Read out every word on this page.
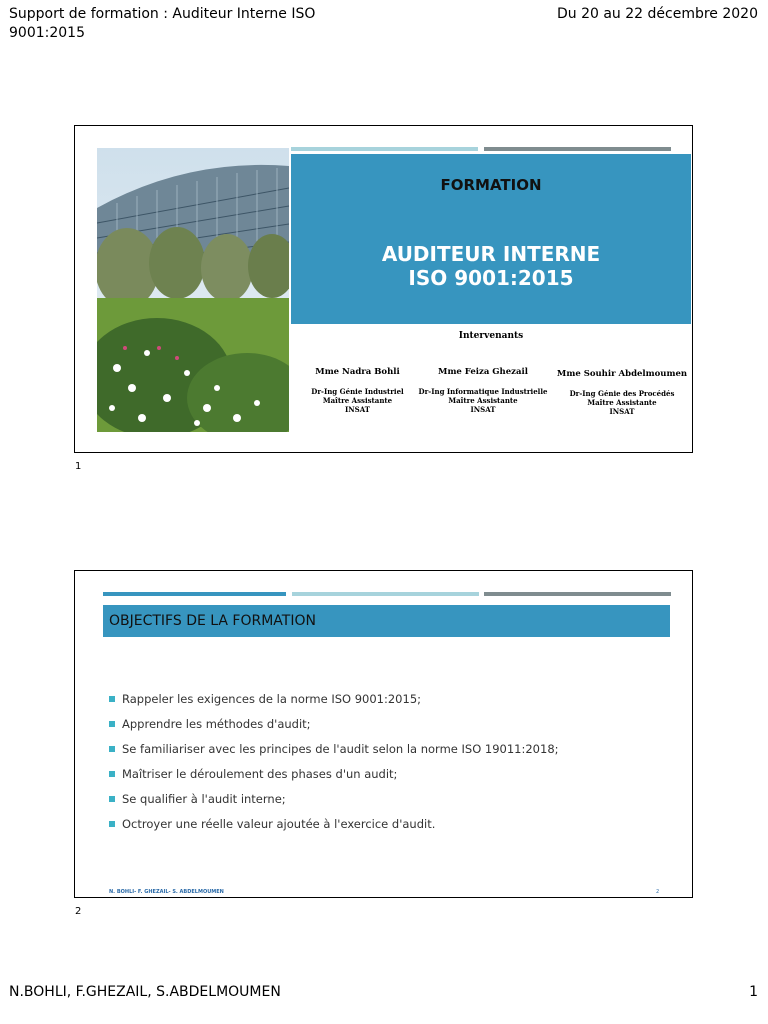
Support de formation : Auditeur Interne ISO 9001:2015
Du 20 au 22 décembre 2020
FORMATION
AUDITEUR INTERNE
ISO 9001:2015
Intervenants
Mme Nadra Bohli
Dr-Ing Génie Industriel
Maître Assistante
INSAT
Mme Feiza Ghezail
Dr-Ing Informatique Industrielle
Maître Assistante
INSAT
Mme Souhir Abdelmoumen
Dr-Ing Génie des Procédés
Maître Assistante
INSAT
1
OBJECTIFS DE LA FORMATION
Rappeler les exigences de la norme ISO 9001:2015;
Apprendre les méthodes d'audit;
Se familiariser avec les principes de l'audit selon la norme ISO 19011:2018;
Maîtriser le déroulement des phases d'un audit;
Se qualifier à l'audit interne;
Octroyer une réelle valeur ajoutée à l'exercice d'audit.
N. BOHLI- F. GHEZAIL- S. ABDELMOUMEN	2
2
N.BOHLI, F.GHEZAIL, S.ABDELMOUMEN	1
